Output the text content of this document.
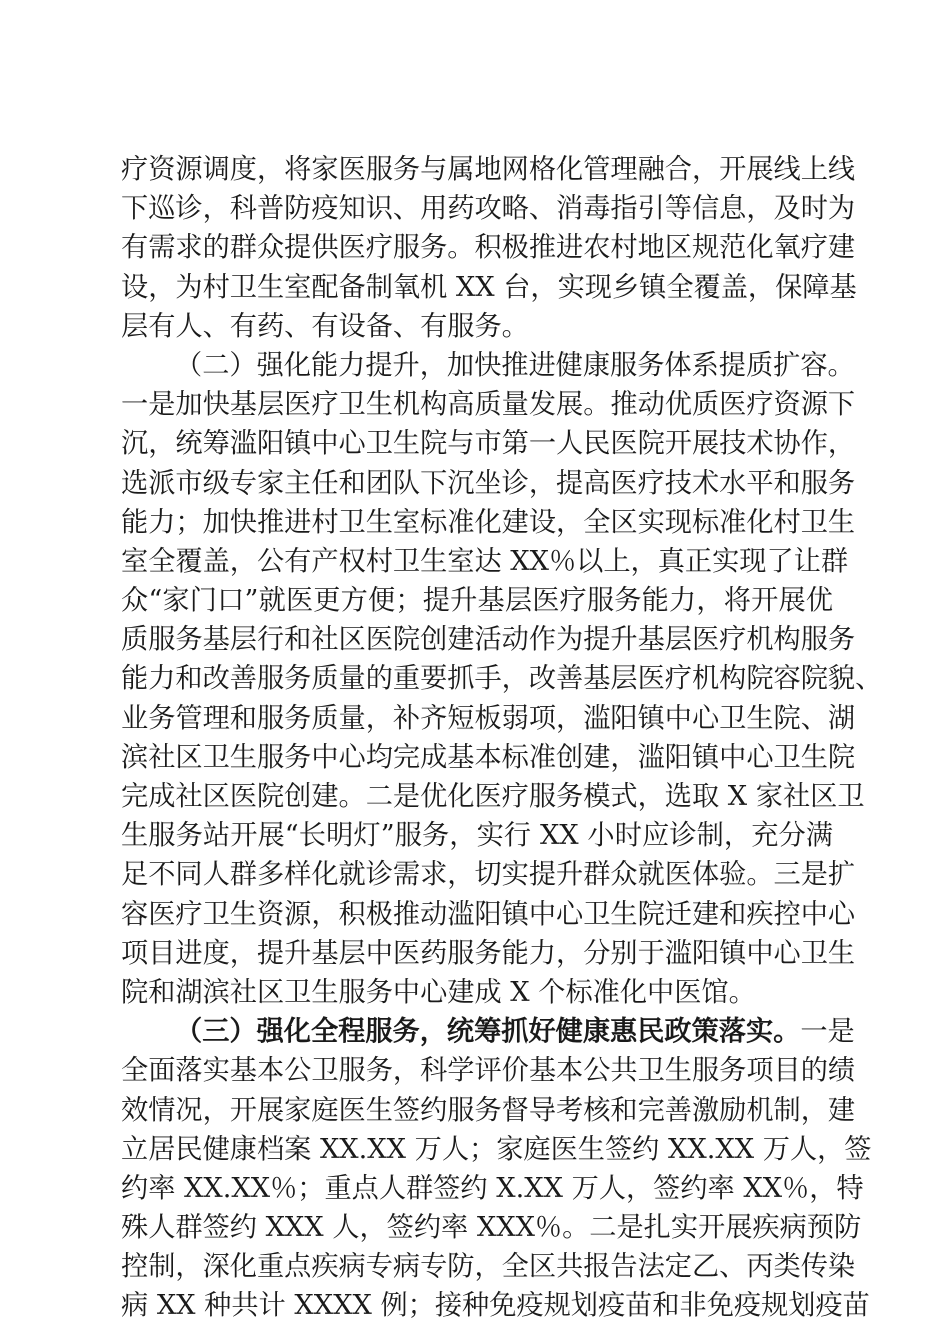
疗资源调度，将家医服务与属地网格化管理融合，开展线上线
下巡诊，科普防疫知识、用药攻略、消毒指引等信息，及时为
有需求的群众提供医疗服务。积极推进农村地区规范化氧疗建
设，为村卫生室配备制氧机 XX 台，实现乡镇全覆盖，保障基
层有人、有药、有设备、有服务。
（二）强化能力提升，加快推进健康服务体系提质扩容。
一是加快基层医疗卫生机构高质量发展。推动优质医疗资源下
沉，统筹滥阳镇中心卫生院与市第一人民医院开展技术协作，
选派市级专家主任和团队下沉坐诊，提高医疗技术水平和服务
能力；加快推进村卫生室标准化建设，全区实现标准化村卫生
室全覆盖，公有产权村卫生室达 XX％以上，真正实现了让群
众“家门口”就医更方便；提升基层医疗服务能力，将开展优
质服务基层行和社区医院创建活动作为提升基层医疗机构服务
能力和改善服务质量的重要抓手，改善基层医疗机构院容院貌、
业务管理和服务质量，补齐短板弱项，滥阳镇中心卫生院、湖
滨社区卫生服务中心均完成基本标准创建，滥阳镇中心卫生院
完成社区医院创建。二是优化医疗服务模式，选取 X 家社区卫
生服务站开展“长明灯”服务，实行 XX 小时应诊制，充分满
足不同人群多样化就诊需求，切实提升群众就医体验。三是扩
容医疗卫生资源，积极推动滥阳镇中心卫生院迁建和疾控中心
项目进度，提升基层中医药服务能力，分别于滥阳镇中心卫生
院和湖滨社区卫生服务中心建成 X 个标准化中医馆。
（三）强化全程服务，统筹抓好健康惠民政策落实。一是
全面落实基本公卫服务，科学评价基本公共卫生服务项目的绩
效情况，开展家庭医生签约服务督导考核和完善激励机制，建
立居民健康档案 XX.XX 万人；家庭医生签约 XX.XX 万人，签
约率 XX.XX％；重点人群签约 X.XX 万人，签约率 XX％，特
殊人群签约 XXX 人，签约率 XXX％。二是扎实开展疾病预防
控制，深化重点疾病专病专防，全区共报告法定乙、丙类传染
病 XX 种共计 XXXX 例；接种免疫规划疫苗和非免疫规划疫苗
